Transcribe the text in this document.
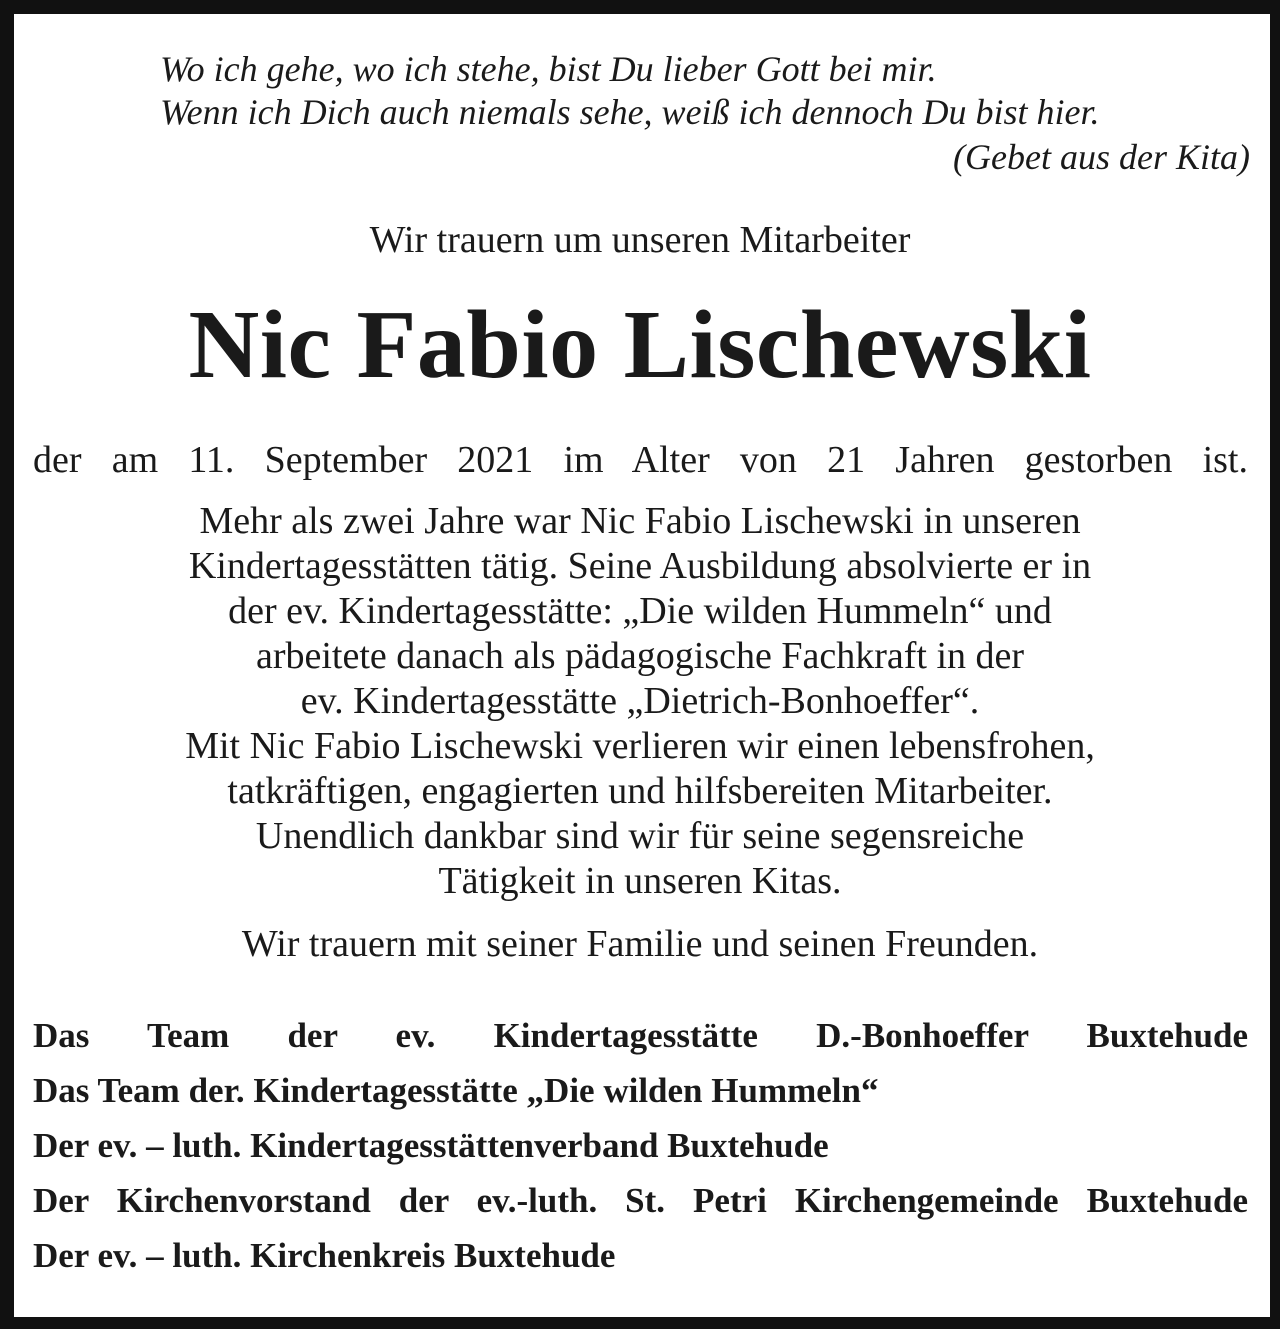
Wo ich gehe, wo ich stehe, bist Du lieber Gott bei mir.
Wenn ich Dich auch niemals sehe, weiß ich dennoch Du bist hier.
(Gebet aus der Kita)
Wir trauern um unseren Mitarbeiter
Nic Fabio Lischewski
der am 11. September 2021 im Alter von 21 Jahren gestorben ist.
Mehr als zwei Jahre war Nic Fabio Lischewski in unseren
Kindertagesstätten tätig. Seine Ausbildung absolvierte er in
der ev. Kindertagesstätte: „Die wilden Hummeln“ und
arbeitete danach als pädagogische Fachkraft in der
ev. Kindertagesstätte „Dietrich-Bonhoeffer“.
Mit Nic Fabio Lischewski verlieren wir einen lebensfrohen,
tatkräftigen, engagierten und hilfsbereiten Mitarbeiter.
Unendlich dankbar sind wir für seine segensreiche
Tätigkeit in unseren Kitas.
Wir trauern mit seiner Familie und seinen Freunden.
Das Team der ev. Kindertagesstätte D.-Bonhoeffer Buxtehude
Das Team der. Kindertagesstätte „Die wilden Hummeln“
Der ev. – luth. Kindertagesstättenverband Buxtehude
Der Kirchenvorstand der ev.-luth. St. Petri Kirchengemeinde Buxtehude
Der ev. – luth. Kirchenkreis Buxtehude
